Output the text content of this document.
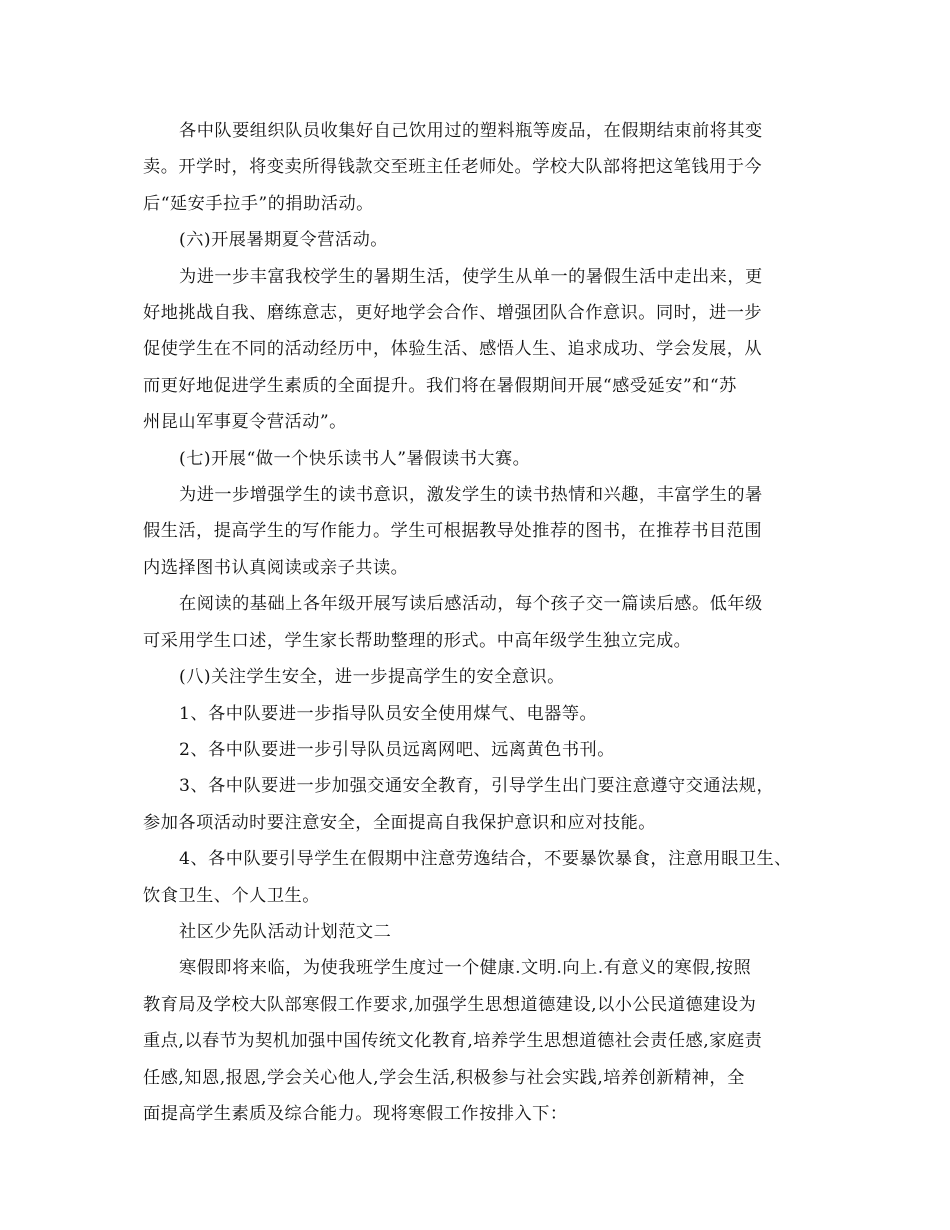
各中队要组织队员收集好自己饮用过的塑料瓶等废品，在假期结束前将其变
卖。开学时，将变卖所得钱款交至班主任老师处。学校大队部将把这笔钱用于今
后“延安手拉手”的捐助活动。

(六)开展暑期夏令营活动。

为进一步丰富我校学生的暑期生活，使学生从单一的暑假生活中走出来，更
好地挑战自我、磨练意志，更好地学会合作、增强团队合作意识。同时，进一步
促使学生在不同的活动经历中，体验生活、感悟人生、追求成功、学会发展，从
而更好地促进学生素质的全面提升。我们将在暑假期间开展“感受延安”和“苏
州昆山军事夏令营活动”。

(七)开展“做一个快乐读书人”暑假读书大赛。

为进一步增强学生的读书意识，激发学生的读书热情和兴趣，丰富学生的暑
假生活，提高学生的写作能力。学生可根据教导处推荐的图书，在推荐书目范围
内选择图书认真阅读或亲子共读。

在阅读的基础上各年级开展写读后感活动，每个孩子交一篇读后感。低年级
可采用学生口述，学生家长帮助整理的形式。中高年级学生独立完成。

(八)关注学生安全，进一步提高学生的安全意识。

1、各中队要进一步指导队员安全使用煤气、电器等。

2、各中队要进一步引导队员远离网吧、远离黄色书刊。

3、各中队要进一步加强交通安全教育，引导学生出门要注意遵守交通法规，
参加各项活动时要注意安全，全面提高自我保护意识和应对技能。

4、各中队要引导学生在假期中注意劳逸结合，不要暴饮暴食，注意用眼卫生、
饮食卫生、个人卫生。

社区少先队活动计划范文二

寒假即将来临，为使我班学生度过一个健康.文明.向上.有意义的寒假,按照
教育局及学校大队部寒假工作要求,加强学生思想道德建设,以小公民道德建设为
重点,以春节为契机加强中国传统文化教育,培养学生思想道德社会责任感,家庭责
任感,知恩,报恩,学会关心他人,学会生活,积极参与社会实践,培养创新精神，全
面提高学生素质及综合能力。现将寒假工作按排入下：
